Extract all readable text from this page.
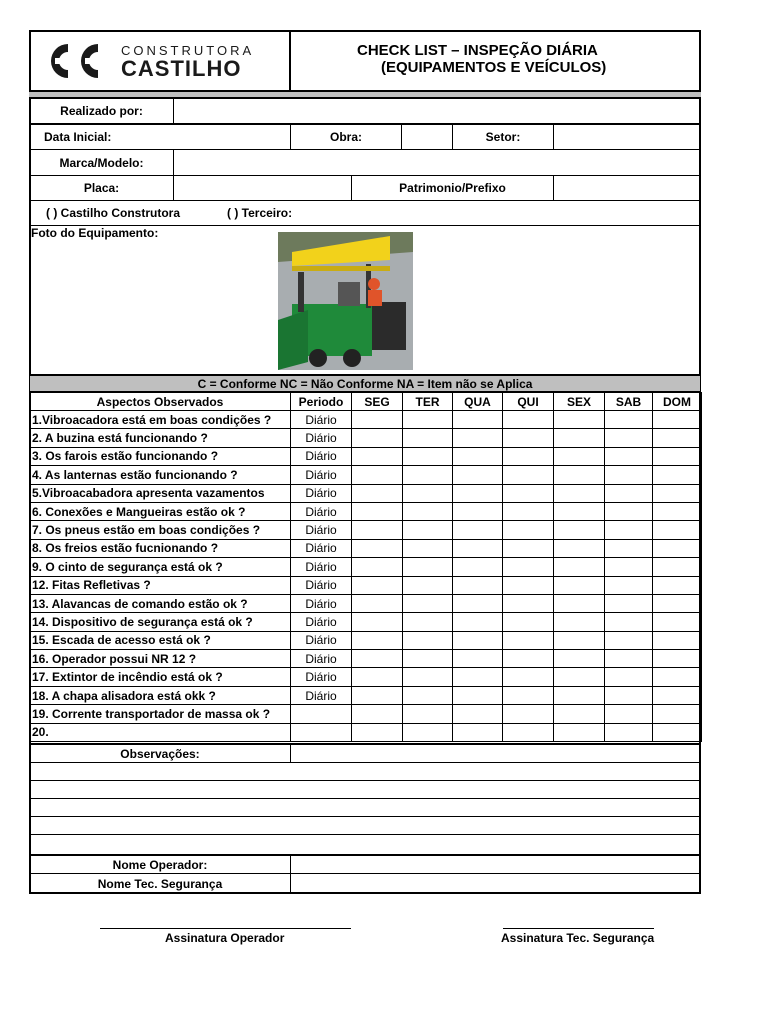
CONSTRUTORA
CASTILHO
CHECK LIST – INSPEÇÃO DIÁRIA
(EQUIPAMENTOS E VEÍCULOS)
Realizado por:
Data Inicial:	Obra:	Setor:
Marca/Modelo:
Placa:	Patrimonio/Prefixo
( ) Castilho Construtora	( ) Terceiro:
Foto do Equipamento:
C = Conforme NC = Não Conforme NA = Item não se Aplica
Aspectos Observados	Periodo	SEG	TER	QUA	QUI	SEX	SAB	DOM
1.Vibroacadora está em boas condições ?	Diário							
2. A buzina está funcionando ?	Diário							
3. Os farois estão funcionando ?	Diário							
4. As lanternas estão funcionando ?	Diário							
5.Vibroacabadora apresenta vazamentos	Diário							
6. Conexões e Mangueiras estão ok ?	Diário							
7. Os pneus estão em boas condições ?	Diário							
8. Os freios estão fucnionando ?	Diário							
9. O cinto de segurança está ok ?	Diário							
12. Fitas Refletivas ?	Diário							
13. Alavancas de comando estão ok ?	Diário							
14. Dispositivo de segurança está ok ?	Diário							
15. Escada de acesso está ok ?	Diário							
16. Operador possui NR 12 ?	Diário							
17. Extintor de incêndio está ok ?	Diário							
18. A chapa alisadora está okk ?	Diário							
19. Corrente transportador de massa ok ?								
20.								
Observações:
Nome Operador:
Nome Tec. Segurança
Assinatura Operador	Assinatura Tec. Segurança
